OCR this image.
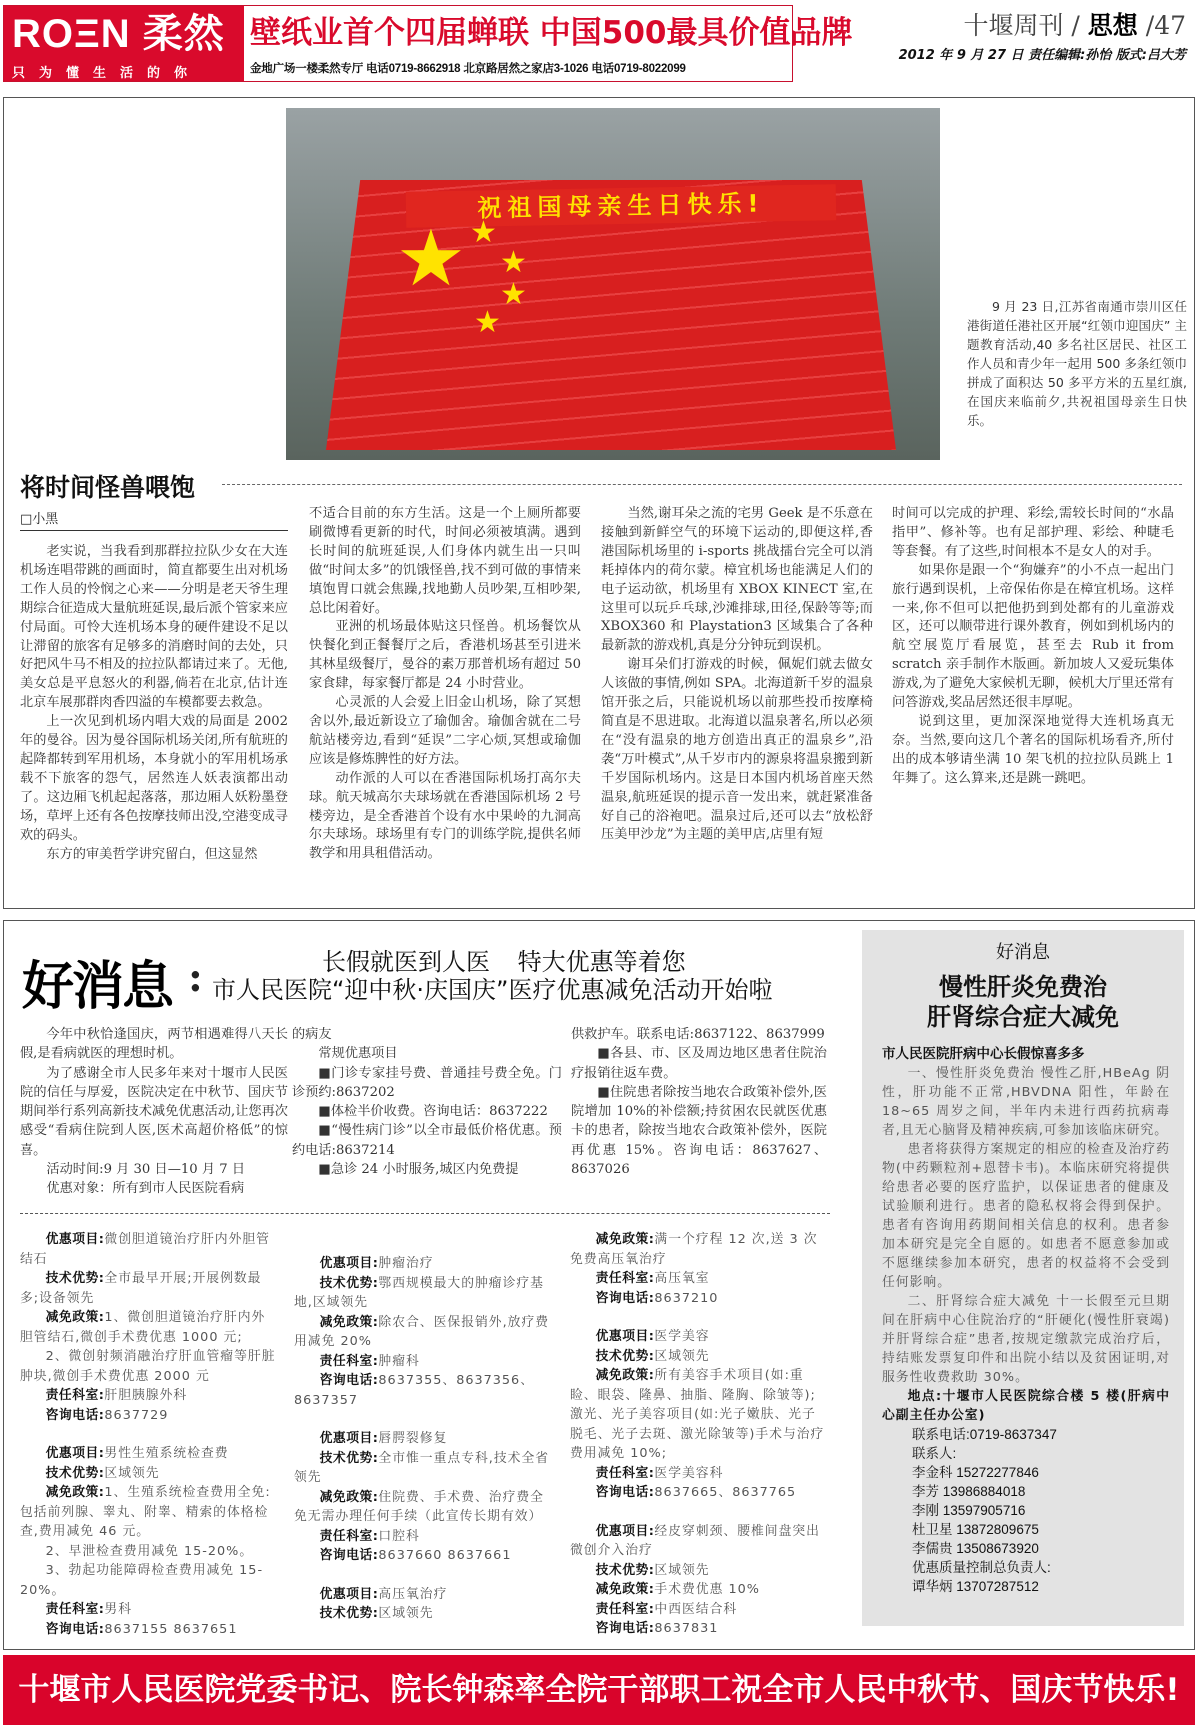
ROΞN 柔然
只为懂生活的你
壁纸业首个四届蝉联 中国500最具价值品牌
金地广场一楼柔然专厅 电话0719-8662918 北京路居然之家店3-1026 电话0719-8022099
十堰周刊 / 思想 /47
2012 年 9 月 27 日 责任编辑:孙怡 版式:吕大芳
祝祖国母亲生日快乐!
★ ★
★
★
★	9 月 23 日,江苏省南通市崇川区任港街道任港社区开展“红领巾迎国庆” 主题教育活动,40 多名社区居民、社区工作人员和青少年一起用 500 多条红领巾拼成了面积达 50 多平方米的五星红旗,在国庆来临前夕,共祝祖国母亲生日快乐。
将时间怪兽喂饱
□小黑

老实说，当我看到那群拉拉队少女在大连机场连唱带跳的画面时，简直都要生出对机场工作人员的怜悯之心来——分明是老天爷生理期综合征造成大量航班延误,最后派个管家来应付局面。可怜大连机场本身的硬件建设不足以让滞留的旅客有足够多的消磨时间的去处，只好把风牛马不相及的拉拉队都请过来了。无他,美女总是平息怒火的利器,倘若在北京,估计连北京车展那群肉香四溢的车模都要去救急。

上一次见到机场内唱大戏的局面是 2002 年的曼谷。因为曼谷国际机场关闭,所有航班的起降都转到军用机场，本身就小的军用机场承载不下旅客的怨气，居然连人妖表演都出动了。这边厢飞机起起落落，那边厢人妖粉墨登场，草坪上还有各色按摩技师出没,空港变成寻欢的码头。

东方的审美哲学讲究留白，但这显然

不适合目前的东方生活。这是一个上厕所都要刷微博看更新的时代，时间必须被填满。遇到长时间的航班延误,人们身体内就生出一只叫做“时间太多”的饥饿怪兽,找不到可做的事情来填饱胃口就会焦躁,找地勤人员吵架,互相吵架,总比闲着好。

亚洲的机场最体贴这只怪兽。机场餐饮从快餐化到正餐餐厅之后，香港机场甚至引进米其林星级餐厅，曼谷的素万那普机场有超过 50 家食肆，每家餐厅都是 24 小时营业。

心灵派的人会爱上旧金山机场，除了冥想舍以外,最近新设立了瑜伽舍。瑜伽舍就在二号航站楼旁边,看到“延误”二字心烦,冥想或瑜伽应该是修炼脾性的好方法。

动作派的人可以在香港国际机场打高尔夫球。航天城高尔夫球场就在香港国际机场 2 号楼旁边，是全香港首个设有水中果岭的九洞高尔夫球场。球场里有专门的训练学院,提供名师教学和用具租借活动。

当然,谢耳朵之流的宅男 Geek 是不乐意在接触到新鲜空气的环境下运动的,即便这样,香港国际机场里的 i-sports 挑战擂台完全可以消耗掉体内的荷尔蒙。樟宜机场也能满足人们的电子运动欲，机场里有 XBOX KINECT 室,在这里可以玩乒乓球,沙滩排球,田径,保龄等等;而 XBOX360 和 Playstation3 区域集合了各种最新款的游戏机,真是分分钟玩到误机。

谢耳朵们打游戏的时候，佩妮们就去做女人该做的事情,例如 SPA。北海道新千岁的温泉馆开张之后，只能说机场以前那些投币按摩椅简直是不思进取。北海道以温泉著名,所以必须在“没有温泉的地方创造出真正的温泉乡”,沿袭“万叶模式”,从千岁市内的源泉将温泉搬到新千岁国际机场内。这是日本国内机场首座天然温泉,航班延误的提示音一发出来，就赶紧准备好自己的浴袍吧。温泉过后,还可以去“放松舒压美甲沙龙”为主题的美甲店,店里有短

时间可以完成的护理、彩绘,需较长时间的“水晶指甲”、修补等。也有足部护理、彩绘、种睫毛等套餐。有了这些,时间根本不是女人的对手。

如果你是跟一个“狗嫌弃”的小不点一起出门旅行遇到误机，上帝保佑你是在樟宜机场。这样一来,你不但可以把他扔到到处都有的儿童游戏区，还可以顺带进行课外教育，例如到机场内的航空展览厅看展览，甚至去 Rub it from scratch 亲手制作木版画。新加坡人又爱玩集体游戏,为了避免大家候机无聊，候机大厅里还常有问答游戏,奖品居然还很丰厚呢。

说到这里，更加深深地觉得大连机场真无奈。当然,要向这几个著名的国际机场看齐,所付出的成本够请坐满 10 架飞机的拉拉队员跳上 1 年舞了。这么算来,还是跳一跳吧。

好消息 :	长假就医到人医 特大优惠等着您
市人民医院“迎中秋·庆国庆”医疗优惠减免活动开始啦

今年中秋恰逢国庆，两节相遇难得八天长假,是看病就医的理想时机。

为了感谢全市人民多年来对十堰市人民医院的信任与厚爱，医院决定在中秋节、国庆节期间举行系列高新技术减免优惠活动,让您再次感受“看病住院到人医,医术高超价格低”的惊喜。

活动时间:9 月 30 日—10 月 7 日

优惠对象：所有到市人民医院看病

的病友

常规优惠项目

■门诊专家挂号费、普通挂号费全免。门诊预约:8637202

■体检半价收费。咨询电话：8637222

■“慢性病门诊”以全市最低价格优惠。预约电话:8637214

■急诊 24 小时服务,城区内免费提

供救护车。联系电话:8637122、8637999

■各县、市、区及周边地区患者住院治疗报销往返车费。

■住院患者除按当地农合政策补偿外,医院增加 10%的补偿额;持贫困农民就医优惠卡的患者，除按当地农合政策补偿外，医院再优惠 15%。咨询电话：8637627、8637026

优惠项目:微创胆道镜治疗肝内外胆管结石
技术优势:全市最早开展;开展例数最多;设备领先
减免政策:1、微创胆道镜治疗肝内外胆管结石,微创手术费优惠 1000 元;
2、微创射频消融治疗肝血管瘤等肝脏肿块,微创手术费优惠 2000 元
责任科室:肝胆胰腺外科
咨询电话:8637729
优惠项目:男性生殖系统检查费
技术优势:区域领先
减免政策:1、生殖系统检查费用全免:包括前列腺、睾丸、附睾、精索的体格检查,费用减免 46 元。
2、早泄检查费用减免 15-20%。
3、勃起功能障碍检查费用减免 15-20%。
责任科室:男科
咨询电话:8637155 8637651
优惠项目:肿瘤治疗
技术优势:鄂西规模最大的肿瘤诊疗基地,区域领先
减免政策:除农合、医保报销外,放疗费用减免 20%
责任科室:肿瘤科
咨询电话:8637355、8637356、8637357
优惠项目:唇腭裂修复
技术优势:全市惟一重点专科,技术全省领先
减免政策:住院费、手术费、治疗费全免无需办理任何手续（此宣传长期有效）
责任科室:口腔科
咨询电话:8637660 8637661
优惠项目:高压氧治疗
技术优势:区域领先
减免政策:满一个疗程 12 次,送 3 次免费高压氧治疗
责任科室:高压氧室
咨询电话:8637210
优惠项目:医学美容
技术优势:区域领先
减免政策:所有美容手术项目(如:重睑、眼袋、隆鼻、抽脂、隆胸、除皱等);激光、光子美容项目(如:光子嫩肤、光子脱毛、光子去斑、激光除皱等)手术与治疗费用减免 10%;
责任科室:医学美容科
咨询电话:8637665、8637765
优惠项目:经皮穿刺颈、腰椎间盘突出微创介入治疗
技术优势:区域领先
减免政策:手术费优惠 10%
责任科室:中西医结合科
咨询电话:8637831
好消息
慢性肝炎免费治
肝肾综合症大减免
市人民医院肝病中心长假惊喜多多

一、慢性肝炎免费治 慢性乙肝,HBeAg 阴性，肝功能不正常,HBVDNA 阳性，年龄在 18~65 周岁之间，半年内未进行西药抗病毒者,且无心脑肾及精神疾病,可参加该临床研究。

患者将获得方案规定的相应的检查及治疗药物(中药颗粒剂+恩替卡韦)。本临床研究将提供给患者必要的医疗监护，以保证患者的健康及试验顺利进行。患者的隐私权将会得到保护。患者有咨询用药期间相关信息的权利。患者参加本研究是完全自愿的。如患者不愿意参加或不愿继续参加本研究，患者的权益将不会受到任何影响。

二、肝肾综合症大减免 十一长假至元旦期间在肝病中心住院治疗的“肝硬化(慢性肝衰竭)并肝肾综合症”患者,按规定缴款完成治疗后，持结账发票复印件和出院小结以及贫困证明,对服务性收费救助 30%。

地点:十堰市人民医院综合楼 5 楼(肝病中心副主任办公室)

联系电话:0719-8637347
联系人:
李金科 15272277846
李芳 13986884018
李刚 13597905716
杜卫星 13872809675
李儒贵 13508673920
优惠质量控制总负责人:
谭华炳 13707287512
十堰市人民医院党委书记、院长钟森率全院干部职工祝全市人民中秋节、国庆节快乐!
